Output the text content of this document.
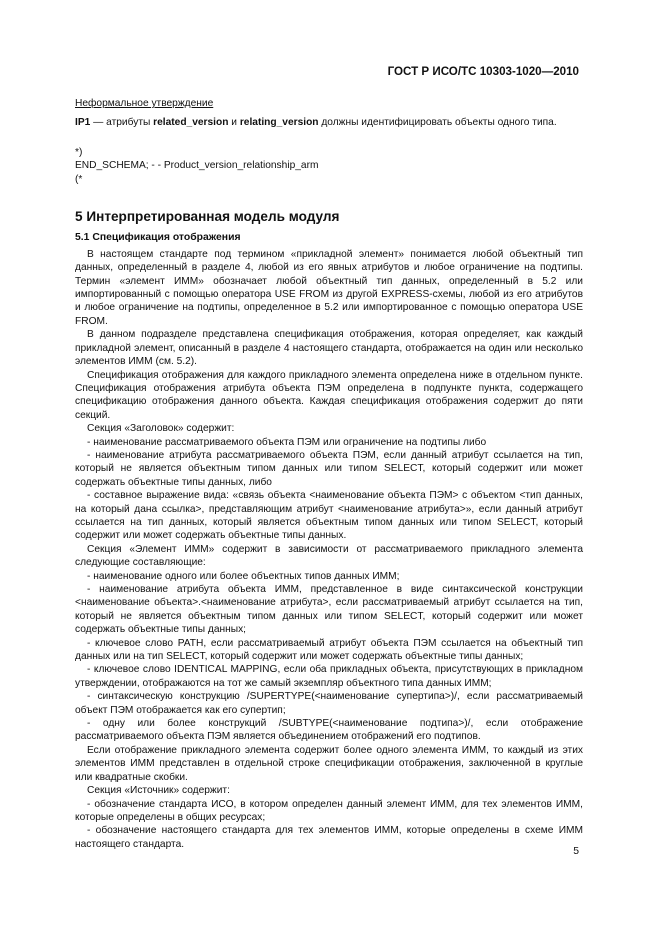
ГОСТ Р ИСО/ТС 10303-1020—2010
Неформальное утверждение

IP1 — атрибуты related_version и relating_version должны идентифицировать объекты одного типа.

*)
END_SCHEMA; - - Product_version_relationship_arm
(*
5 Интерпретированная модель модуля
5.1 Спецификация отображения

В настоящем стандарте под термином «прикладной элемент» понимается любой объектный тип данных, определенный в разделе 4, любой из его явных атрибутов и любое ограничение на подтипы. Термин «элемент ИММ» обозначает любой объектный тип данных, определенный в 5.2 или импортированный с помощью оператора USE FROM из другой EXPRESS-схемы, любой из его атрибутов и любое ограничение на подтипы, определенное в 5.2 или импортированное с помощью оператора USE FROM.

В данном подразделе представлена спецификация отображения, которая определяет, как каждый прикладной элемент, описанный в разделе 4 настоящего стандарта, отображается на один или несколько элементов ИММ (см. 5.2).

Спецификация отображения для каждого прикладного элемента определена ниже в отдельном пункте. Спецификация отображения атрибута объекта ПЭМ определена в подпункте пункта, содержащего спецификацию отображения данного объекта. Каждая спецификация отображения содержит до пяти секций.

Секция «Заголовок» содержит:

- наименование рассматриваемого объекта ПЭМ или ограничение на подтипы либо

- наименование атрибута рассматриваемого объекта ПЭМ, если данный атрибут ссылается на тип, который не является объектным типом данных или типом SELECT, который содержит или может содержать объектные типы данных, либо

- составное выражение вида: «связь объекта <наименование объекта ПЭМ> с объектом <тип данных, на который дана ссылка>, представляющим атрибут <наименование атрибута>», если данный атрибут ссылается на тип данных, который является объектным типом данных или типом SELECT, который содержит или может содержать объектные типы данных.

Секция «Элемент ИММ» содержит в зависимости от рассматриваемого прикладного элемента следующие составляющие:

- наименование одного или более объектных типов данных ИММ;

- наименование атрибута объекта ИММ, представленное в виде синтаксической конструкции <наименование объекта>.<наименование атрибута>, если рассматриваемый атрибут ссылается на тип, который не является объектным типом данных или типом SELECT, который содержит или может содержать объектные типы данных;

- ключевое слово PATH, если рассматриваемый атрибут объекта ПЭМ ссылается на объектный тип данных или на тип SELECT, который содержит или может содержать объектные типы данных;

- ключевое слово IDENTICAL MAPPING, если оба прикладных объекта, присутствующих в прикладном утверждении, отображаются на тот же самый экземпляр объектного типа данных ИММ;

- синтаксическую конструкцию /SUPERTYPE(<наименование супертипа>)/, если рассматриваемый объект ПЭМ отображается как его супертип;

- одну или более конструкций /SUBTYPE(<наименование подтипа>)/, если отображение рассматриваемого объекта ПЭМ является объединением отображений его подтипов.

Если отображение прикладного элемента содержит более одного элемента ИММ, то каждый из этих элементов ИММ представлен в отдельной строке спецификации отображения, заключенной в круглые или квадратные скобки.

Секция «Источник» содержит:

- обозначение стандарта ИСО, в котором определен данный элемент ИММ, для тех элементов ИММ, которые определены в общих ресурсах;

- обозначение настоящего стандарта для тех элементов ИММ, которые определены в схеме ИММ настоящего стандарта.

5
